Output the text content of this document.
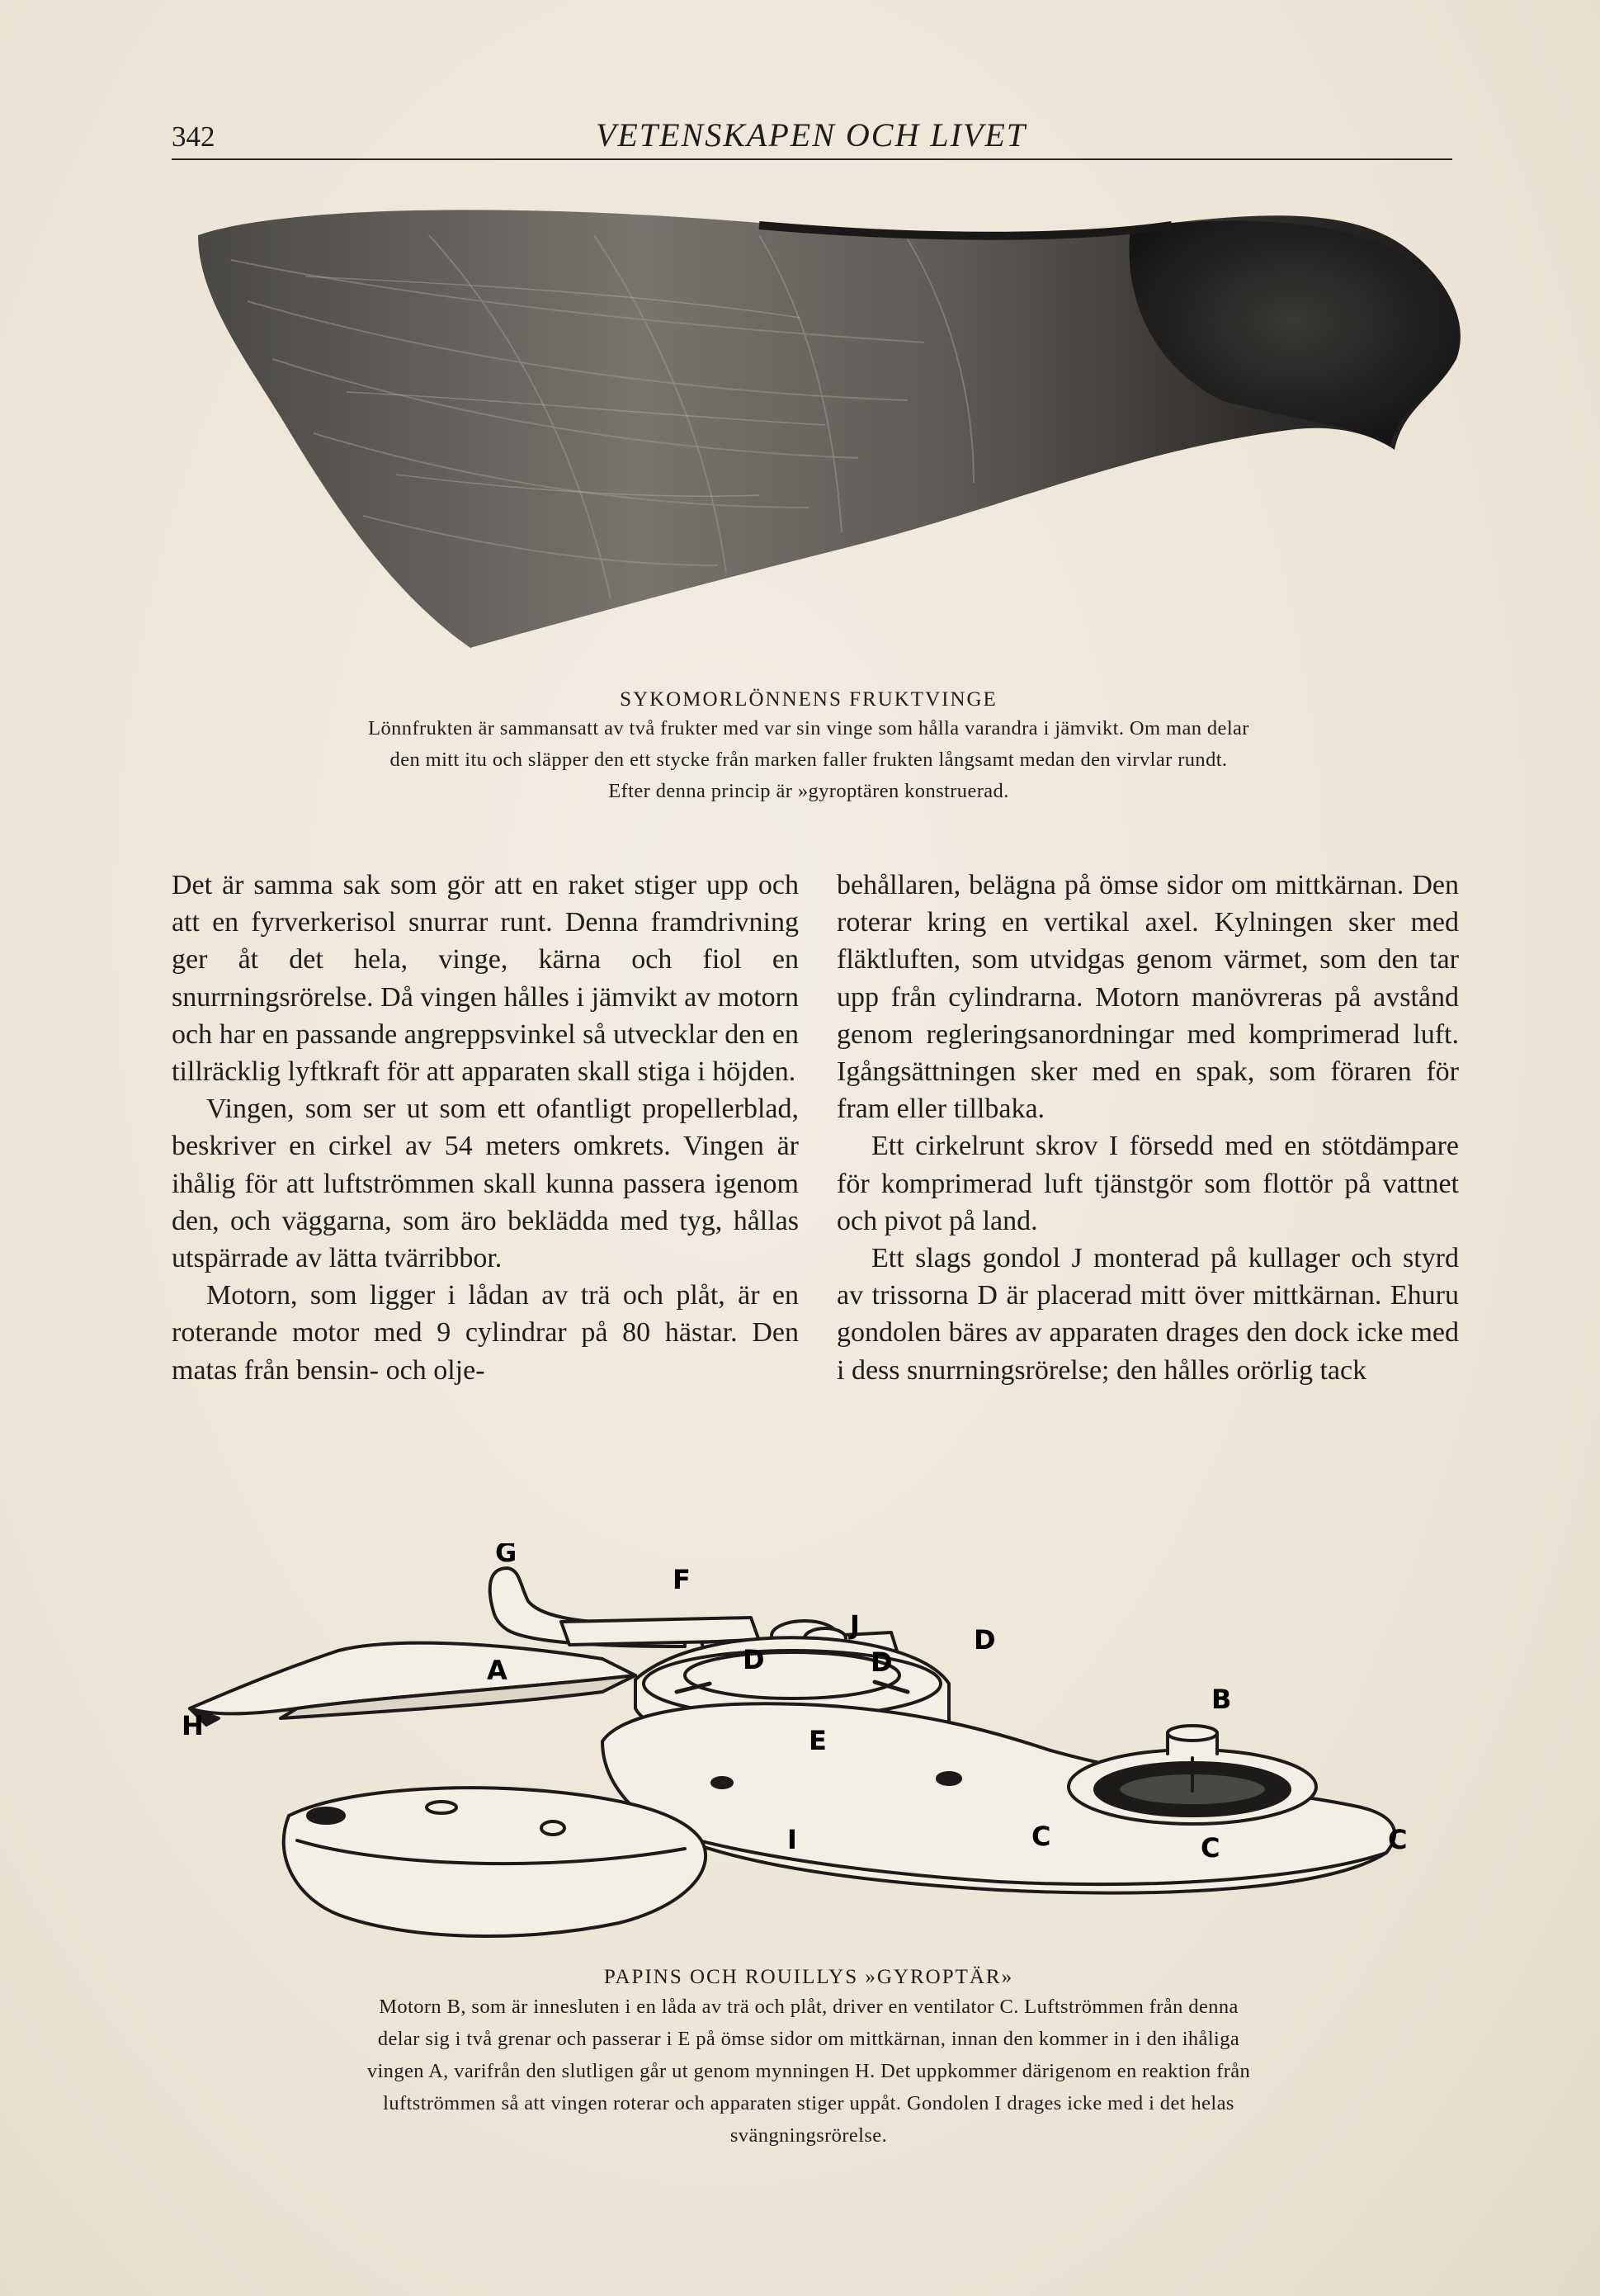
342	VETENSKAPEN OCH LIVET
SYKOMORLÖNNENS FRUKTVINGE
Lönnfrukten är sammansatt av två frukter med var sin vinge som hålla varandra i jämvikt. Om man delar
den mitt itu och släpper den ett stycke från marken faller frukten långsamt medan den virvlar rundt.
Efter denna princip är »gyroptären konstruerad.

Det är samma sak som gör att en raket stiger upp och att en fyrverkerisol snurrar runt. Denna framdrivning ger åt det hela, vinge, kärna och fiol en snurrningsrörelse. Då vingen hålles i jämvikt av motorn och har en passande angreppsvinkel så utvecklar den en tillräcklig lyftkraft för att apparaten skall stiga i höjden.

Vingen, som ser ut som ett ofantligt propellerblad, beskriver en cirkel av 54 meters omkrets. Vingen är ihålig för att luftströmmen skall kunna passera igenom den, och väggarna, som äro beklädda med tyg, hållas utspärrade av lätta tvärribbor.

Motorn, som ligger i lådan av trä och plåt, är en roterande motor med 9 cylindrar på 80 hästar. Den matas från bensin- och olje-

behållaren, belägna på ömse sidor om mittkärnan. Den roterar kring en vertikal axel. Kylningen sker med fläktluften, som utvidgas genom värmet, som den tar upp från cylindrarna. Motorn manövreras på avstånd genom regleringsanordningar med komprimerad luft. Igångsättningen sker med en spak, som föraren för fram eller tillbaka.

Ett cirkelrunt skrov I försedd med en stötdämpare för komprimerad luft tjänstgör som flottör på vattnet och pivot på land.

Ett slags gondol J monterad på kullager och styrd av trissorna D är placerad mitt över mittkärnan. Ehuru gondolen bäres av apparaten drages den dock icke med i dess snurrningsrörelse; den hålles orörlig tack

G
F
J	D
A	D	D
H
B
E
I	C	C	C
PAPINS OCH ROUILLYS »GYROPTÄR»
Motorn B, som är innesluten i en låda av trä och plåt, driver en ventilator C. Luftströmmen från denna
delar sig i två grenar och passerar i E på ömse sidor om mittkärnan, innan den kommer in i den ihåliga
vingen A, varifrån den slutligen går ut genom mynningen H. Det uppkommer därigenom en reaktion från
luftströmmen så att vingen roterar och apparaten stiger uppåt. Gondolen I drages icke med i det helas
svängningsrörelse.
